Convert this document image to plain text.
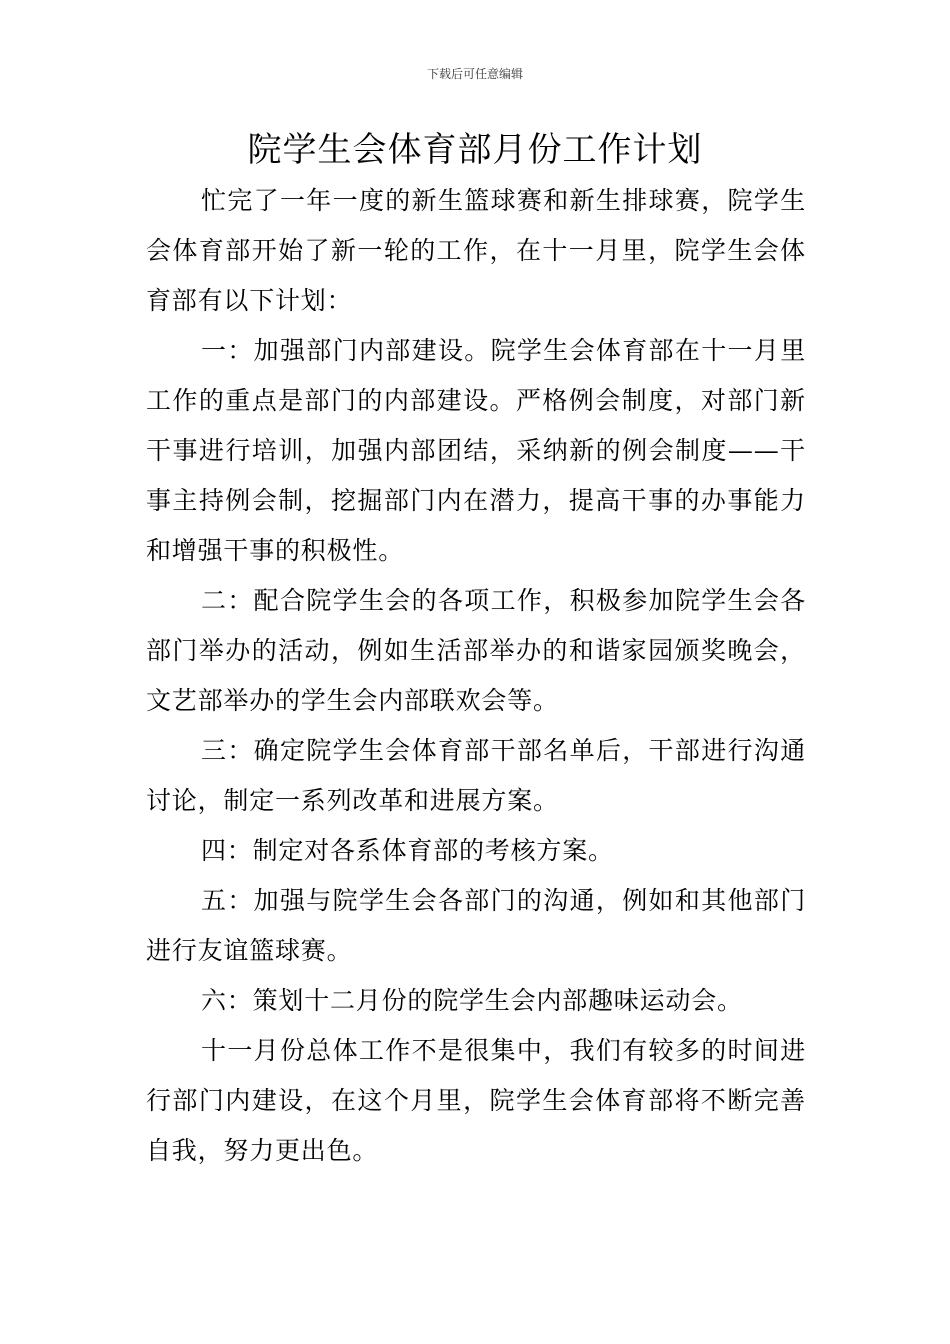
下载后可任意编辑
院学生会体育部月份工作计划

忙完了一年一度的新生篮球赛和新生排球赛，院学生会体育部开始了新一轮的工作，在十一月里，院学生会体育部有以下计划：

一：加强部门内部建设。院学生会体育部在十一月里工作的重点是部门的内部建设。严格例会制度，对部门新干事进行培训，加强内部团结，采纳新的例会制度——干事主持例会制，挖掘部门内在潜力，提高干事的办事能力和增强干事的积极性。

二：配合院学生会的各项工作，积极参加院学生会各部门举办的活动，例如生活部举办的和谐家园颁奖晚会，文艺部举办的学生会内部联欢会等。

三：确定院学生会体育部干部名单后，干部进行沟通讨论，制定一系列改革和进展方案。

四：制定对各系体育部的考核方案。

五：加强与院学生会各部门的沟通，例如和其他部门进行友谊篮球赛。

六：策划十二月份的院学生会内部趣味运动会。

十一月份总体工作不是很集中，我们有较多的时间进行部门内建设，在这个月里，院学生会体育部将不断完善自我，努力更出色。
